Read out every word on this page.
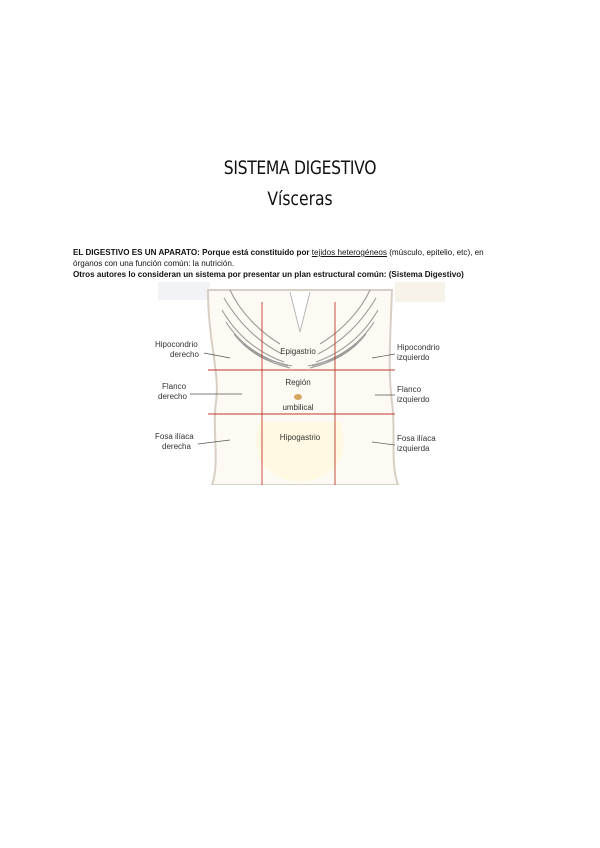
SISTEMA DIGESTIVO
Vísceras

EL DIGESTIVO ES UN APARATO: Porque está constituido por tejidos heterogéneos (músculo, epitelio, etc), en

órganos con una función común: la nutrición.

Otros autores lo consideran un sistema por presentar un plan estructural común: (Sistema Digestivo)

Epigastrio
Región
umbilical
Hipogastrio
Hipocondrio
derecho
Flanco
derecho
Fosa ilíaca
derecha
Hipocondrio
izquierdo
Flanco
izquierdo
Fosa ilíaca
izquierda
